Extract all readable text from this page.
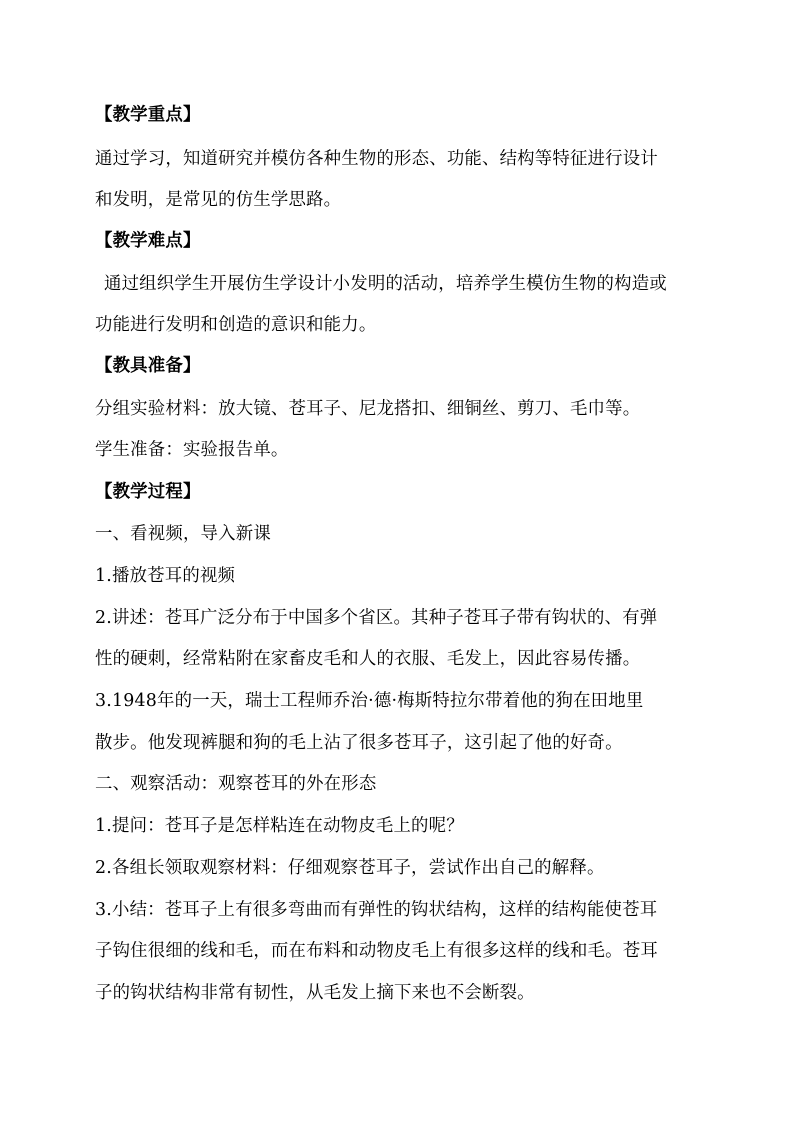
【教学重点】
通过学习，知道研究并模仿各种生物的形态、功能、结构等特征进行设计
和发明，是常见的仿生学思路。
【教学难点】
通过组织学生开展仿生学设计小发明的活动，培养学生模仿生物的构造或
功能进行发明和创造的意识和能力。
【教具准备】
分组实验材料：放大镜、苍耳子、尼龙搭扣、细铜丝、剪刀、毛巾等。
学生准备：实验报告单。
【教学过程】
一、看视频，导入新课
1.播放苍耳的视频
2.讲述：苍耳广泛分布于中国多个省区。其种子苍耳子带有钩状的、有弹
性的硬刺，经常粘附在家畜皮毛和人的衣服、毛发上，因此容易传播。
3.1948年的一天，瑞士工程师乔治·德·梅斯特拉尔带着他的狗在田地里
散步。他发现裤腿和狗的毛上沾了很多苍耳子，这引起了他的好奇。
二、观察活动：观察苍耳的外在形态
1.提问：苍耳子是怎样粘连在动物皮毛上的呢？
2.各组长领取观察材料：仔细观察苍耳子，尝试作出自己的解释。
3.小结：苍耳子上有很多弯曲而有弹性的钩状结构，这样的结构能使苍耳
子钩住很细的线和毛，而在布料和动物皮毛上有很多这样的线和毛。苍耳
子的钩状结构非常有韧性，从毛发上摘下来也不会断裂。
